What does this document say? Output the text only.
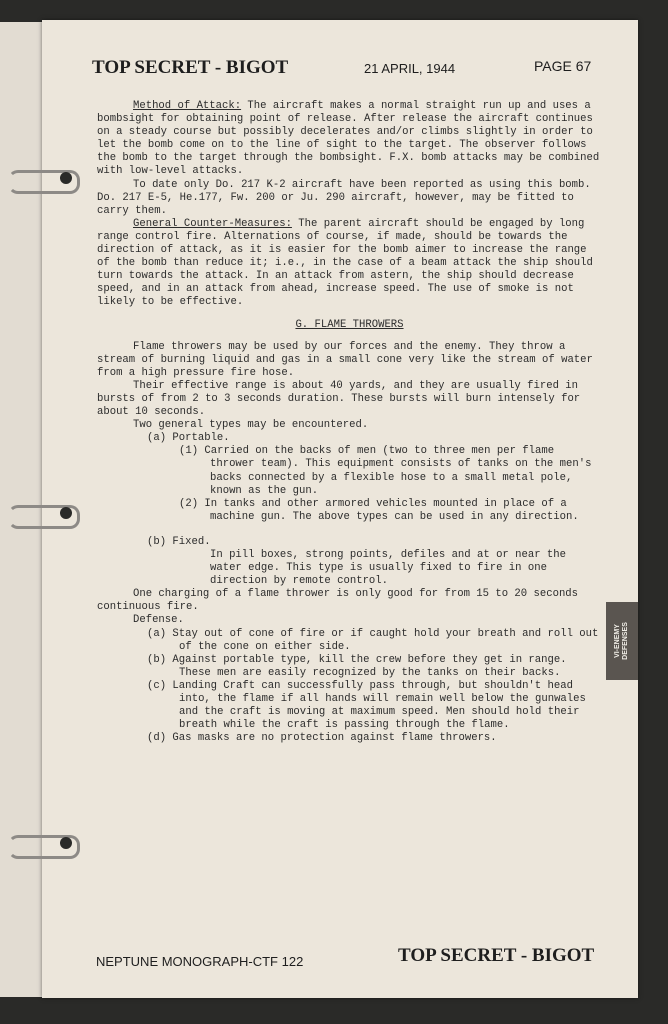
TOP SECRET - BIGOT	21 APRIL, 1944	PAGE 67

Method of Attack: The aircraft makes a normal straight run up and uses a bombsight for obtaining point of release. After release the aircraft continues on a steady course but possibly decelerates and/or climbs slightly in order to let the bomb come on to the line of sight to the target. The observer follows the bomb to the target through the bombsight. F.X. bomb attacks may be combined with low-level attacks.

To date only Do. 217 K-2 aircraft have been reported as using this bomb. Do. 217 E-5, He.177, Fw. 200 or Ju. 290 aircraft, however, may be fitted to carry them.

General Counter-Measures: The parent aircraft should be engaged by long range control fire. Alternations of course, if made, should be towards the direction of attack, as it is easier for the bomb aimer to increase the range of the bomb than reduce it; i.e., in the case of a beam attack the ship should turn towards the attack. In an attack from astern, the ship should decrease speed, and in an attack from ahead, increase speed. The use of smoke is not likely to be effective.

G. FLAME THROWERS

Flame throwers may be used by our forces and the enemy. They throw a stream of burning liquid and gas in a small cone very like the stream of water from a high pressure fire hose.

Their effective range is about 40 yards, and they are usually fired in bursts of from 2 to 3 seconds duration. These bursts will burn intensely for about 10 seconds.

Two general types may be encountered.

(a) Portable.

(1) Carried on the backs of men (two to three men per flame thrower team). This equipment consists of tanks on the men's backs connected by a flexible hose to a small metal pole, known as the gun.

(2) In tanks and other armored vehicles mounted in place of a machine gun. The above types can be used in any direction.

(b) Fixed.

In pill boxes, strong points, defiles and at or near the water edge. This type is usually fixed to fire in one direction by remote control.

One charging of a flame thrower is only good for from 15 to 20 seconds continuous fire.

Defense.

(a) Stay out of cone of fire or if caught hold your breath and roll out of the cone on either side.

(b) Against portable type, kill the crew before they get in range. These men are easily recognized by the tanks on their backs.

(c) Landing Craft can successfully pass through, but shouldn't head into, the flame if all hands will remain well below the gunwales and the craft is moving at maximum speed. Men should hold their breath while the craft is passing through the flame.

(d) Gas masks are no protection against flame throwers.

NEPTUNE MONOGRAPH-CTF 122	TOP SECRET - BIGOT
VI-ENEMY DEFENSES
